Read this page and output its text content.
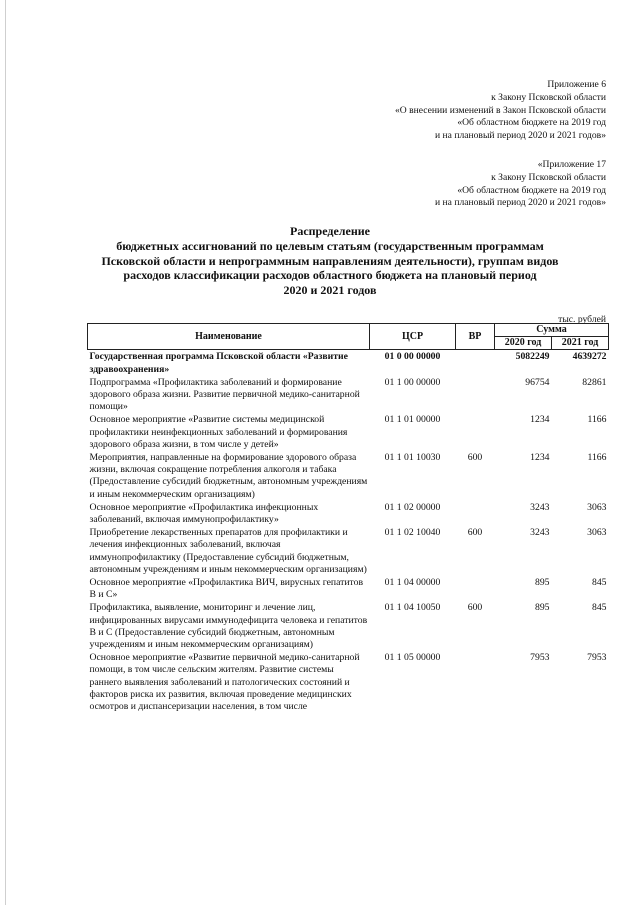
Приложение 6
к Закону Псковской области
«О внесении изменений в Закон Псковской области
«Об областном бюджете на 2019 год
и на плановый период 2020 и 2021 годов»
«Приложение 17
к Закону Псковской области
«Об областном бюджете на 2019 год
и на плановый период 2020 и 2021 годов»
Распределение
бюджетных ассигнований по целевым статьям (государственным программам
Псковской области и непрограммным направлениям деятельности), группам видов
расходов классификации расходов областного бюджета на плановый период
2020 и 2021 годов
тыс. рублей
Наименование	ЦСР	ВР	Сумма	
			2020 год	2021 год
Государственная программа Псковской области «Развитие здравоохранения»	01 0 00 00000		5082249	4639272
Подпрограмма «Профилактика заболеваний и формирование здорового образа жизни. Развитие первичной медико-санитарной помощи»	01 1 00 00000		96754	82861
Основное мероприятие «Развитие системы медицинской профилактики неинфекционных заболеваний и формирования здорового образа жизни, в том числе у детей»	01 1 01 00000		1234	1166
Мероприятия, направленные на формирование здорового образа жизни, включая сокращение потребления алкоголя и табака (Предоставление субсидий бюджетным, автономным учреждениям и иным некоммерческим организациям)	01 1 01 10030	600	1234	1166
Основное мероприятие «Профилактика инфекционных заболеваний, включая иммунопрофилактику»	01 1 02 00000		3243	3063
Приобретение лекарственных препаратов для профилактики и лечения инфекционных заболеваний, включая иммунопрофилактику (Предоставление субсидий бюджетным, автономным учреждениям и иным некоммерческим организациям)	01 1 02 10040	600	3243	3063
Основное мероприятие «Профилактика ВИЧ, вирусных гепатитов В и С»	01 1 04 00000		895	845
Профилактика, выявление, мониторинг и лечение лиц, инфицированных вирусами иммунодефицита человека и гепатитов В и С (Предоставление субсидий бюджетным, автономным учреждениям и иным некоммерческим организациям)	01 1 04 10050	600	895	845
Основное мероприятие «Развитие первичной медико-санитарной помощи, в том числе сельским жителям. Развитие системы раннего выявления заболеваний и патологических состояний и факторов риска их развития, включая проведение медицинских осмотров и диспансеризации населения, в том числе	01 1 05 00000		7953	7953
